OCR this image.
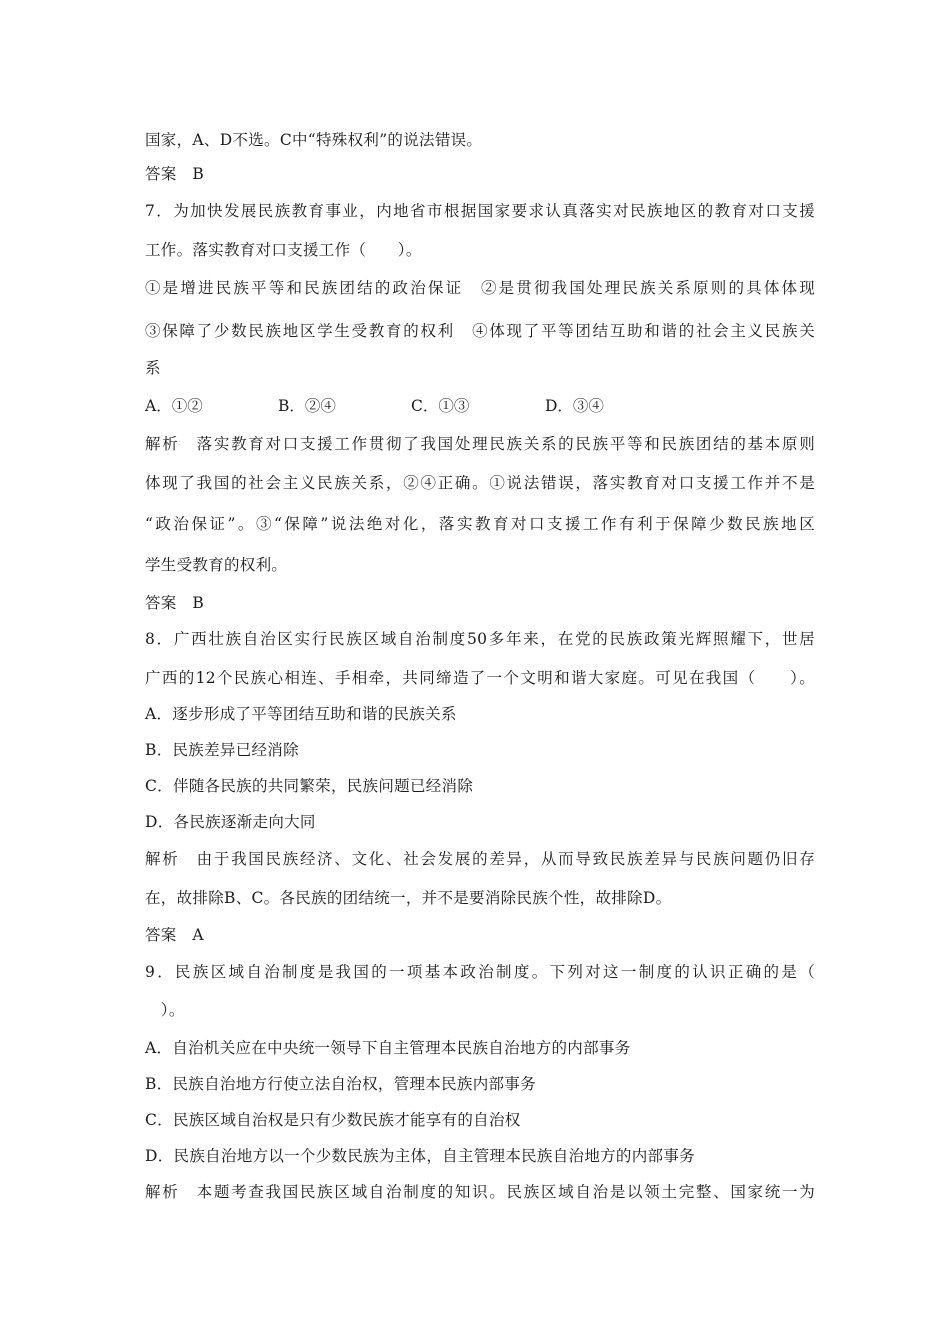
国家，A、D不选。C中“特殊权利”的说法错误。
答案　B
7．为加快发展民族教育事业，内地省市根据国家要求认真落实对民族地区的教育对口支援
工作。落实教育对口支援工作（　　）。
①是增进民族平等和民族团结的政治保证　②是贯彻我国处理民族关系原则的具体体现
③保障了少数民族地区学生受教育的权利　④体现了平等团结互助和谐的社会主义民族关
系
A．①②	B．②④	C．①③	D．③④
解析　落实教育对口支援工作贯彻了我国处理民族关系的民族平等和民族团结的基本原则
体现了我国的社会主义民族关系，②④正确。①说法错误，落实教育对口支援工作并不是
“政治保证”。③“保障”说法绝对化，落实教育对口支援工作有利于保障少数民族地区
学生受教育的权利。
答案　B
8．广西壮族自治区实行民族区域自治制度50多年来，在党的民族政策光辉照耀下，世居
广西的12个民族心相连、手相牵，共同缔造了一个文明和谐大家庭。可见在我国（　　）。
A．逐步形成了平等团结互助和谐的民族关系
B．民族差异已经消除
C．伴随各民族的共同繁荣，民族问题已经消除
D．各民族逐渐走向大同
解析　由于我国民族经济、文化、社会发展的差异，从而导致民族差异与民族问题仍旧存
在，故排除B、C。各民族的团结统一，并不是要消除民族个性，故排除D。
答案　A
9．民族区域自治制度是我国的一项基本政治制度。下列对这一制度的认识正确的是（
　）。
A．自治机关应在中央统一领导下自主管理本民族自治地方的内部事务
B．民族自治地方行使立法自治权，管理本民族内部事务
C．民族区域自治权是只有少数民族才能享有的自治权
D．民族自治地方以一个少数民族为主体，自主管理本民族自治地方的内部事务
解析　本题考查我国民族区域自治制度的知识。民族区域自治是以领土完整、国家统一为
